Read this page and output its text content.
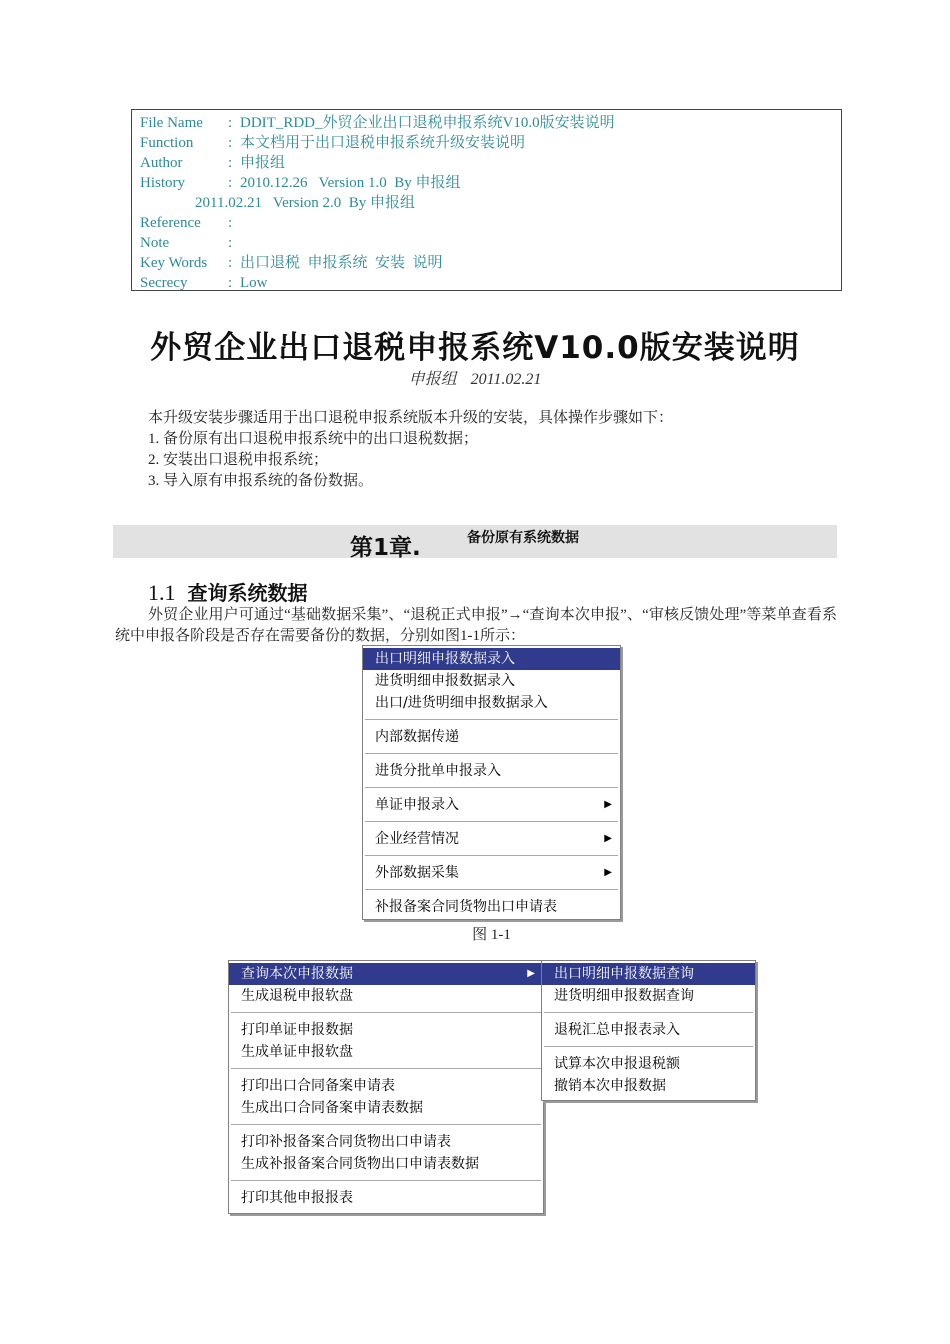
File Name	: DDIT_RDD_外贸企业出口退税申报系统V10.0版安装说明
Function	: 本文档用于出口退税申报系统升级安装说明
Author	: 申报组
History	: 2010.12.26   Version 1.0  By 申报组
2011.02.21   Version 2.0  By 申报组
Reference	:
Note	:
Key Words	: 出口退税  申报系统  安装  说明
Secrecy	: Low
外贸企业出口退税申报系统V10.0版安装说明
申报组 2011.02.21
本升级安装步骤适用于出口退税申报系统版本升级的安装，具体操作步骤如下：
1. 备份原有出口退税申报系统中的出口退税数据；
2. 安装出口退税申报系统；
3. 导入原有申报系统的备份数据。
第1章.	备份原有系统数据
1.1 查询系统数据
外贸企业用户可通过“基础数据采集”、“退税正式申报”→“查询本次申报”、“审核反馈处理”等菜单查看系统中申报各阶段是否存在需要备份的数据，分别如图1-1所示：
出口明细申报数据录入
进货明细申报数据录入
出口/进货明细申报数据录入
内部数据传递
进货分批单申报录入
单证申报录入	▶
企业经营情况	▶
外部数据采集	▶
补报备案合同货物出口申请表
图 1-1
查询本次申报数据	▶
生成退税申报软盘
打印单证申报数据
生成单证申报软盘
打印出口合同备案申请表
生成出口合同备案申请表数据
打印补报备案合同货物出口申请表
生成补报备案合同货物出口申请表数据
打印其他申报报表
出口明细申报数据查询
进货明细申报数据查询
退税汇总申报表录入
试算本次申报退税额
撤销本次申报数据
